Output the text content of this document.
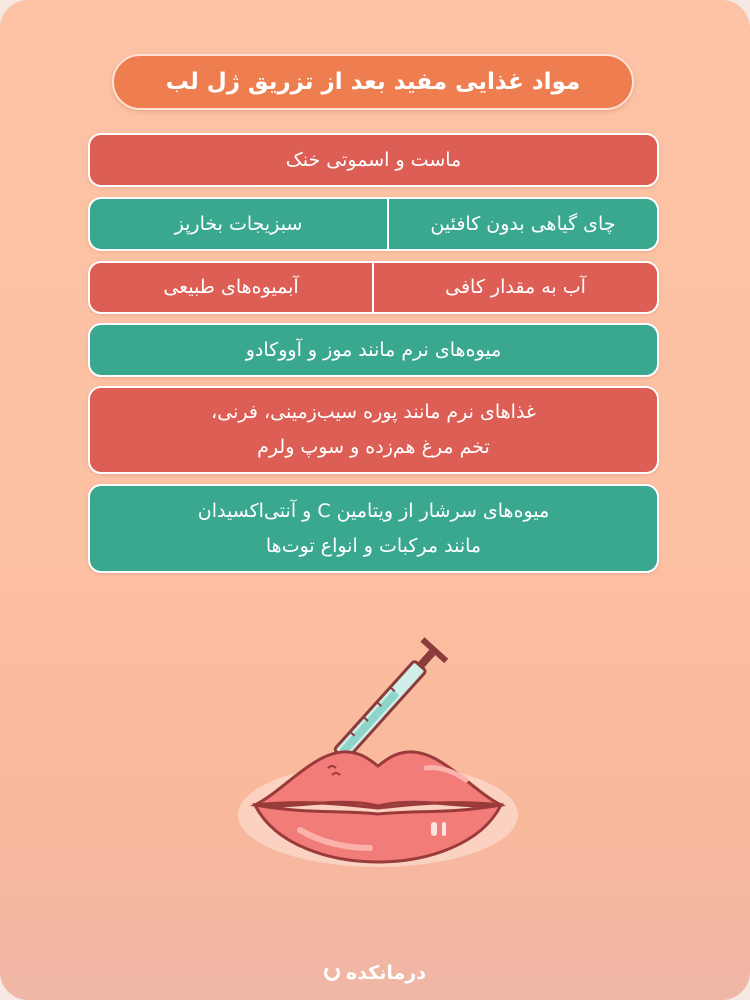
مواد غذایی مفید بعد از تزریق ژل لب
ماست و اسموتی خنک
چای گیاهی بدون کافئین
سبزیجات بخارپز
آب به مقدار کافی
آبمیوه‌های طبیعی
میوه‌های نرم مانند موز و آووکادو
غذاهای نرم مانند پوره سیب‌زمینی، فرنی،
تخم مرغ هم‌زده و سوپ ولرم
میوه‌های سرشار از ویتامین C و آنتی‌اکسیدان
مانند مرکبات و انواع توت‌ها
درمانکده
